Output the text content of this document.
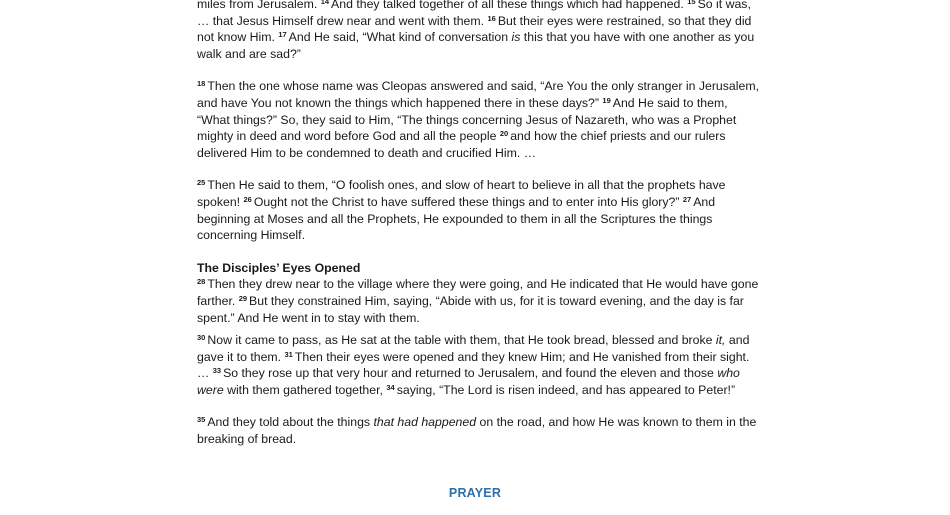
miles from Jerusalem. $^{14}$ And they talked together of all these things which had happened. $^{15}$ So it was, … that Jesus Himself drew near and went with them. $^{16}$ But their eyes were restrained, so that they did not know Him. $^{17}$ And He said, “What kind of conversation is this that you have with one another as you walk and are sad?”

$^{18}$ Then the one whose name was Cleopas answered and said, “Are You the only stranger in Jerusalem, and have You not known the things which happened there in these days?” $^{19}$ And He said to them, “What things?” So, they said to Him, “The things concerning Jesus of Nazareth, who was a Prophet mighty in deed and word before God and all the people $^{20}$ and how the chief priests and our rulers delivered Him to be condemned to death and crucified Him. …

$^{25}$ Then He said to them, “O foolish ones, and slow of heart to believe in all that the prophets have spoken! $^{26}$ Ought not the Christ to have suffered these things and to enter into His glory?” $^{27}$ And beginning at Moses and all the Prophets, He expounded to them in all the Scriptures the things concerning Himself.

The Disciples’ Eyes Opened

$^{28}$ Then they drew near to the village where they were going, and He indicated that He would have gone farther. $^{29}$ But they constrained Him, saying, “Abide with us, for it is toward evening, and the day is far spent.” And He went in to stay with them.

$^{30}$ Now it came to pass, as He sat at the table with them, that He took bread, blessed and broke it, and gave it to them. $^{31}$ Then their eyes were opened and they knew Him; and He vanished from their sight. … $^{33}$ So they rose up that very hour and returned to Jerusalem, and found the eleven and those who were with them gathered together, $^{34}$ saying, “The Lord is risen indeed, and has appeared to Peter!”

$^{35}$ And they told about the things that had happened on the road, and how He was known to them in the breaking of bread.

PRAYER
